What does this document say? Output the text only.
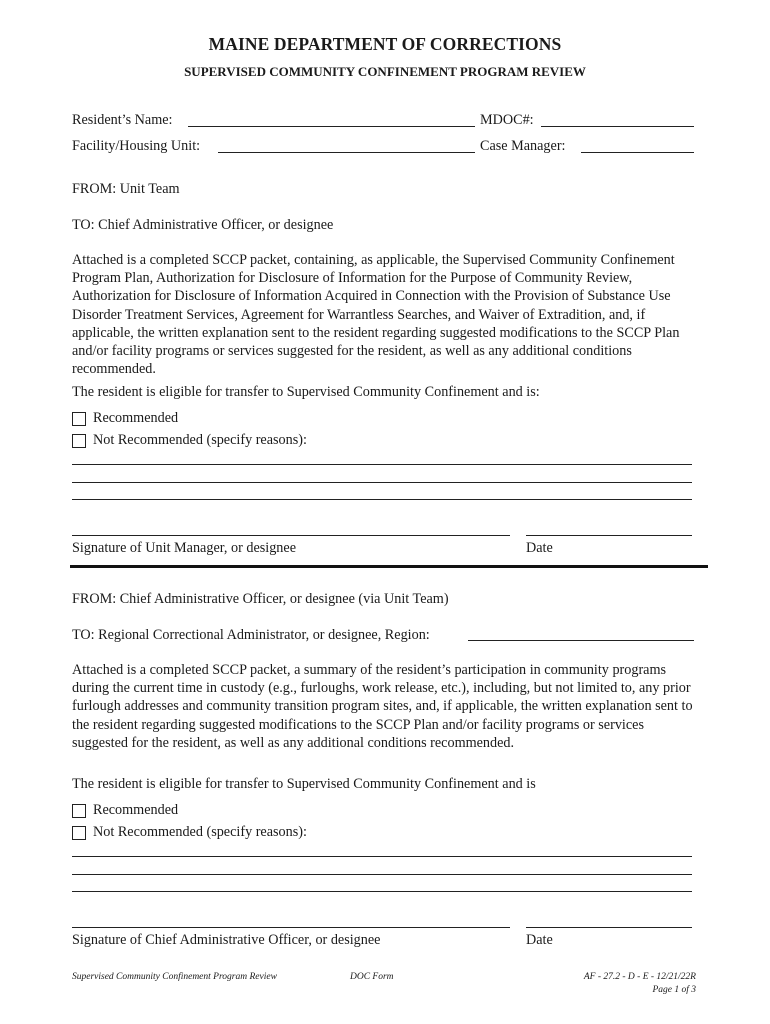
MAINE DEPARTMENT OF CORRECTIONS
SUPERVISED COMMUNITY CONFINEMENT PROGRAM REVIEW
Resident’s Name:	MDOC#:
Facility/Housing Unit:	Case Manager:
FROM: Unit Team
TO: Chief Administrative Officer, or designee
Attached is a completed SCCP packet, containing, as applicable, the Supervised Community Confinement Program Plan, Authorization for Disclosure of Information for the Purpose of Community Review, Authorization for Disclosure of Information Acquired in Connection with the Provision of Substance Use Disorder Treatment Services, Agreement for Warrantless Searches, and Waiver of Extradition, and, if applicable, the written explanation sent to the resident regarding suggested modifications to the SCCP Plan and/or facility programs or services suggested for the resident, as well as any additional conditions recommended.
The resident is eligible for transfer to Supervised Community Confinement and is:
Recommended
Not Recommended (specify reasons):
Signature of Unit Manager, or designee	Date
FROM: Chief Administrative Officer, or designee (via Unit Team)
TO: Regional Correctional Administrator, or designee, Region:
Attached is a completed SCCP packet, a summary of the resident’s participation in community programs during the current time in custody (e.g., furloughs, work release, etc.), including, but not limited to, any prior furlough addresses and community transition program sites, and, if applicable, the written explanation sent to the resident regarding suggested modifications to the SCCP Plan and/or facility programs or services suggested for the resident, as well as any additional conditions recommended.
The resident is eligible for transfer to Supervised Community Confinement and is
Recommended
Not Recommended (specify reasons):
Signature of Chief Administrative Officer, or designee	Date
Supervised Community Confinement Program Review	DOC Form	AF - 27.2 - D - E - 12/21/22R
Page 1 of 3
